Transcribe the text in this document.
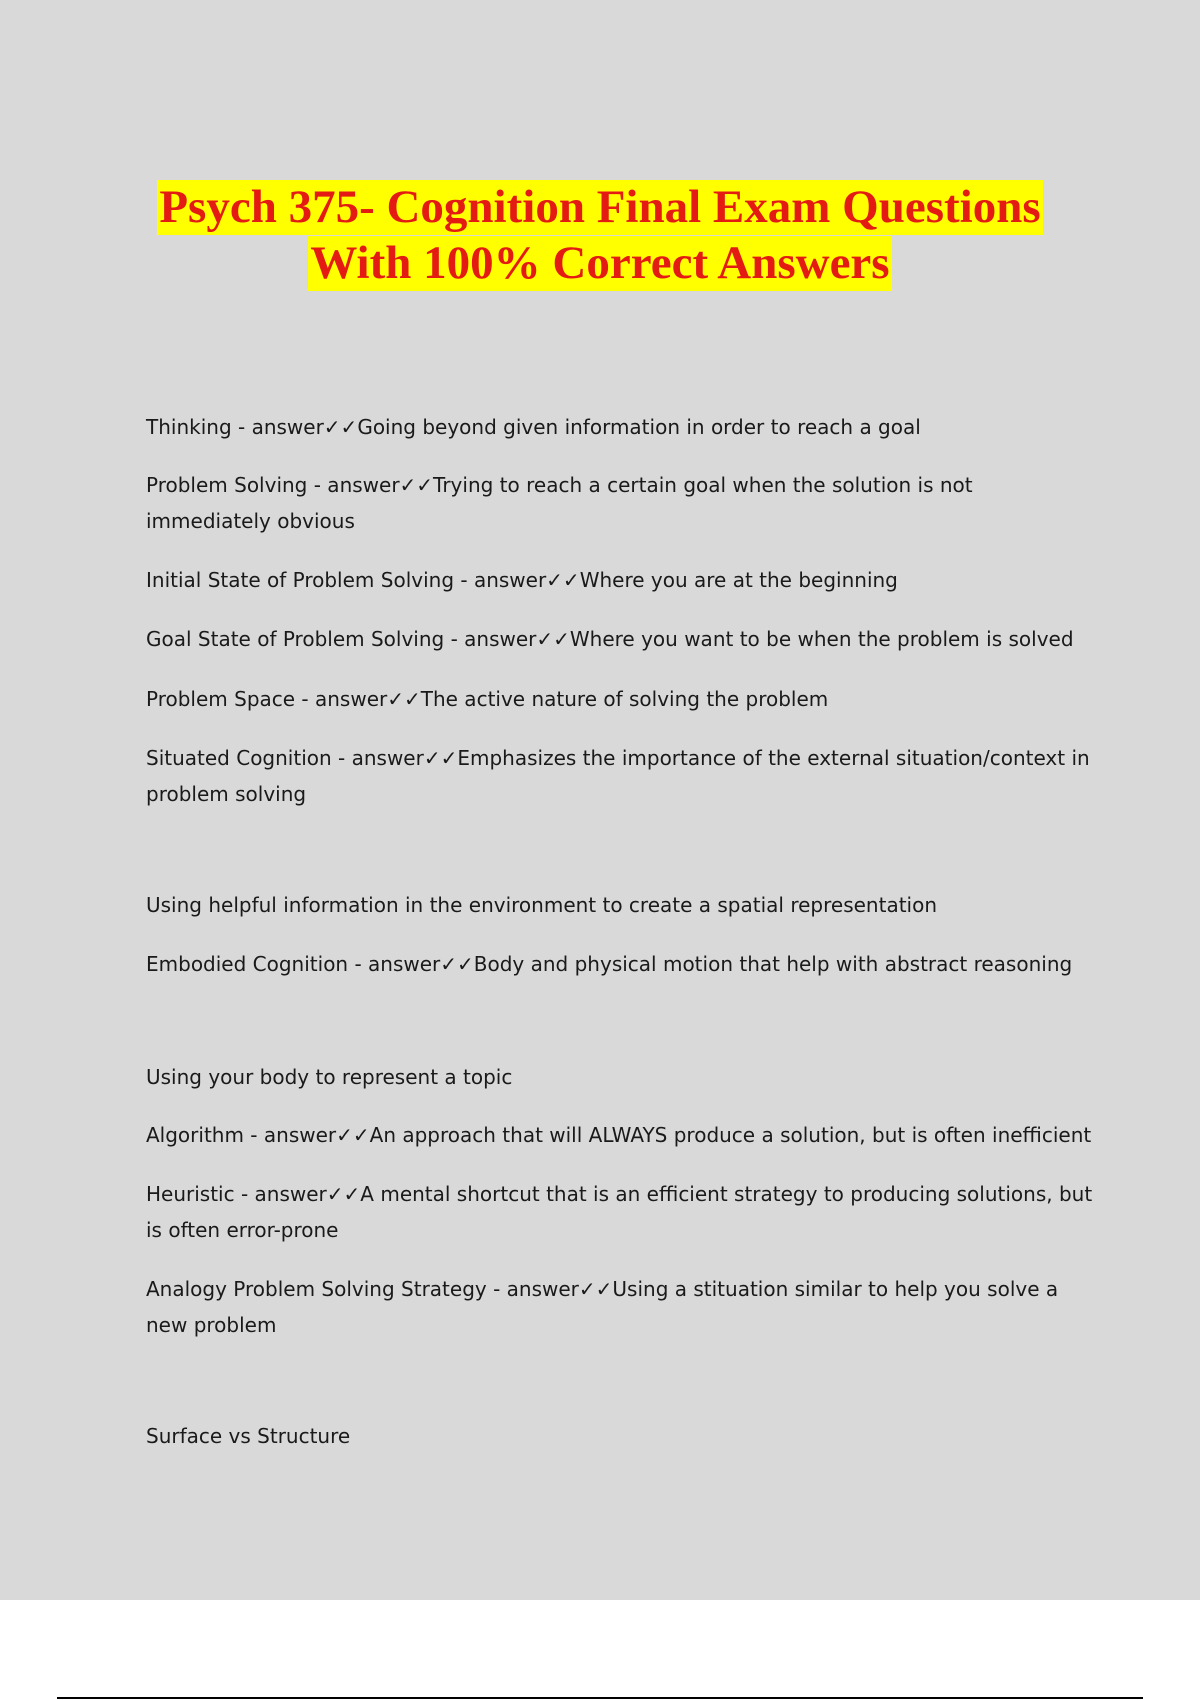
Psych 375- Cognition Final Exam Questions
With 100% Correct Answers

Thinking - answer✓✓Going beyond given information in order to reach a goal

Problem Solving - answer✓✓Trying to reach a certain goal when the solution is not immediately obvious

Initial State of Problem Solving - answer✓✓Where you are at the beginning

Goal State of Problem Solving - answer✓✓Where you want to be when the problem is solved

Problem Space - answer✓✓The active nature of solving the problem

Situated Cognition - answer✓✓Emphasizes the importance of the external situation/context in problem solving

Using helpful information in the environment to create a spatial representation

Embodied Cognition - answer✓✓Body and physical motion that help with abstract reasoning

Using your body to represent a topic

Algorithm - answer✓✓An approach that will ALWAYS produce a solution, but is often inefficient

Heuristic - answer✓✓A mental shortcut that is an efficient strategy to producing solutions, but is often error-prone

Analogy Problem Solving Strategy - answer✓✓Using a stituation similar to help you solve a new problem

Surface vs Structure
